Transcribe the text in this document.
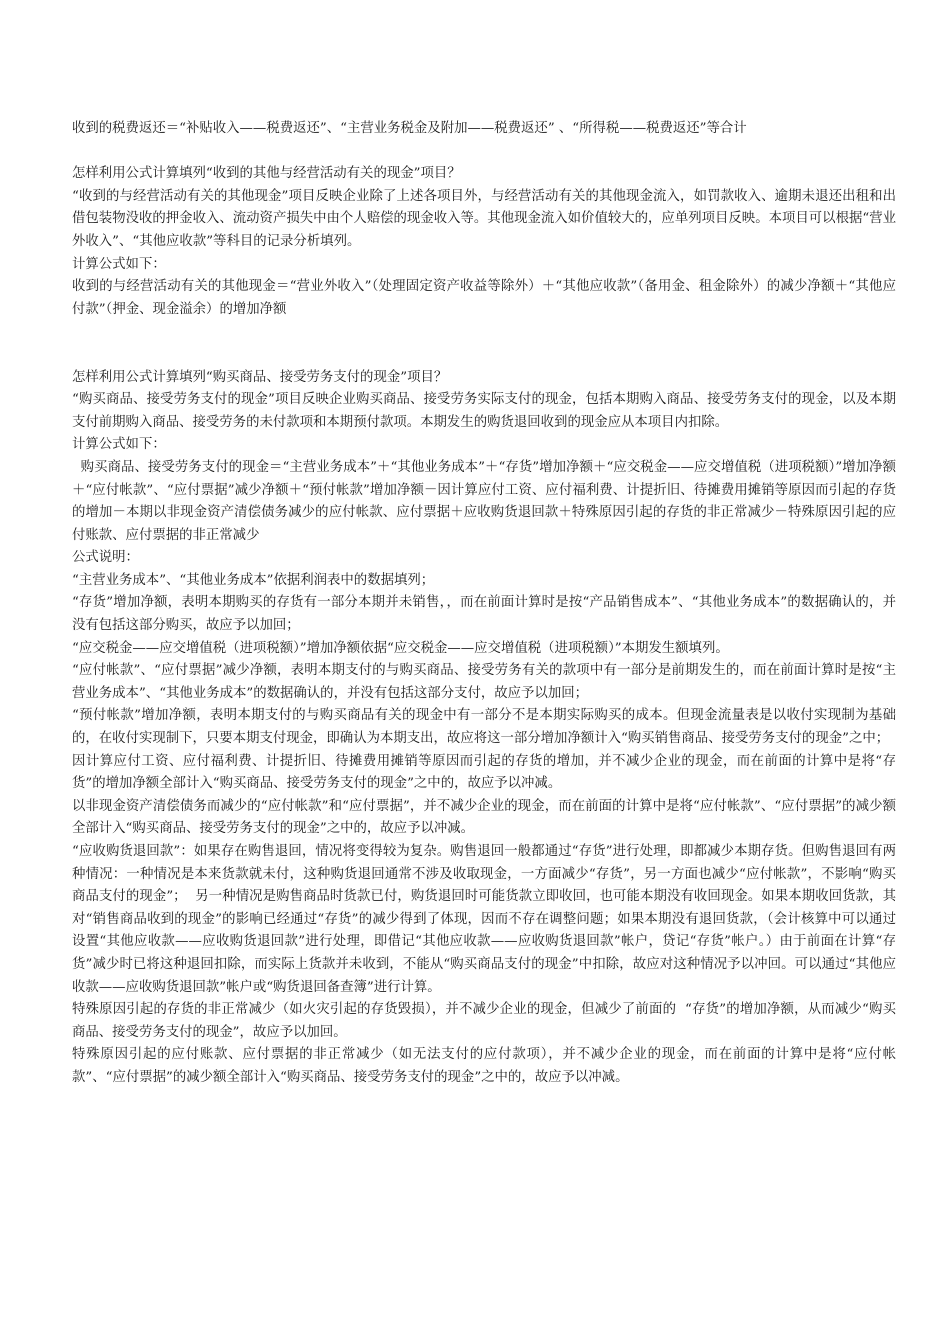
收到的税费返还＝“补贴收入——税费返还”、“主营业务税金及附加——税费返还” 、“所得税——税费返还”等合计

怎样利用公式计算填列“收到的其他与经营活动有关的现金”项目？

“收到的与经营活动有关的其他现金”项目反映企业除了上述各项目外，与经营活动有关的其他现金流入，如罚款收入、逾期未退还出租和出借包装物没收的押金收入、流动资产损失中由个人赔偿的现金收入等。其他现金流入如价值较大的，应单列项目反映。本项目可以根据“营业外收入”、“其他应收款”等科目的记录分析填列。

计算公式如下：

收到的与经营活动有关的其他现金＝“营业外收入”（处理固定资产收益等除外）＋“其他应收款”（备用金、租金除外）的减少净额＋“其他应付款”（押金、现金溢余）的增加净额

怎样利用公式计算填列“购买商品、接受劳务支付的现金”项目？

“购买商品、接受劳务支付的现金”项目反映企业购买商品、接受劳务实际支付的现金，包括本期购入商品、接受劳务支付的现金，以及本期支付前期购入商品、接受劳务的未付款项和本期预付款项。本期发生的购货退回收到的现金应从本项目内扣除。

计算公式如下：

购买商品、接受劳务支付的现金＝“主营业务成本”＋“其他业务成本”＋“存货”增加净额＋“应交税金——应交增值税（进项税额）”增加净额＋“应付帐款”、“应付票据”减少净额＋“预付帐款”增加净额－因计算应付工资、应付福利费、计提折旧、待摊费用摊销等原因而引起的存货的增加－本期以非现金资产清偿债务减少的应付帐款、应付票据＋应收购货退回款＋特殊原因引起的存货的非正常减少－特殊原因引起的应付账款、应付票据的非正常减少

公式说明：

“主营业务成本”、“其他业务成本”依据利润表中的数据填列；

“存货”增加净额，表明本期购买的存货有一部分本期并未销售，，而在前面计算时是按“产品销售成本”、“其他业务成本”的数据确认的，并没有包括这部分购买，故应予以加回；

“应交税金——应交增值税（进项税额）”增加净额依据“应交税金——应交增值税（进项税额）”本期发生额填列。

“应付帐款”、“应付票据”减少净额，表明本期支付的与购买商品、接受劳务有关的款项中有一部分是前期发生的，而在前面计算时是按“主营业务成本”、“其他业务成本”的数据确认的，并没有包括这部分支付，故应予以加回；

“预付帐款”增加净额，表明本期支付的与购买商品有关的现金中有一部分不是本期实际购买的成本。但现金流量表是以收付实现制为基础的，在收付实现制下，只要本期支付现金，即确认为本期支出，故应将这一部分增加净额计入“购买销售商品、接受劳务支付的现金”之中；

因计算应付工资、应付福利费、计提折旧、待摊费用摊销等原因而引起的存货的增加，并不减少企业的现金，而在前面的计算中是将“存货”的增加净额全部计入“购买商品、接受劳务支付的现金”之中的，故应予以冲减。

以非现金资产清偿债务而减少的“应付帐款”和“应付票据”，并不减少企业的现金，而在前面的计算中是将“应付帐款”、“应付票据”的减少额全部计入“购买商品、接受劳务支付的现金”之中的，故应予以冲减。

“应收购货退回款”：如果存在购售退回，情况将变得较为复杂。购售退回一般都通过“存货”进行处理，即都减少本期存货。但购售退回有两种情况：一种情况是本来货款就未付，这种购货退回通常不涉及收取现金，一方面减少“存货”，另一方面也减少“应付帐款”，不影响“购买商品支付的现金”；  另一种情况是购售商品时货款已付，购货退回时可能货款立即收回，也可能本期没有收回现金。如果本期收回货款，其对“销售商品收到的现金”的影响已经通过“存货”的减少得到了体现，因而不存在调整问题；如果本期没有退回货款，（会计核算中可以通过设置“其他应收款——应收购货退回款”进行处理，即借记“其他应收款——应收购货退回款”帐户，贷记“存货”帐户。）由于前面在计算“存货”减少时已将这种退回扣除，而实际上货款并未收到，不能从“购买商品支付的现金”中扣除，故应对这种情况予以冲回。可以通过“其他应收款——应收购货退回款”帐户或“购货退回备查簿”进行计算。

特殊原因引起的存货的非正常减少（如火灾引起的存货毁损），并不减少企业的现金，但减少了前面的  “存货”的增加净额，从而减少“购买商品、接受劳务支付的现金”，故应予以加回。

特殊原因引起的应付账款、应付票据的非正常减少（如无法支付的应付款项），并不减少企业的现金，而在前面的计算中是将“应付帐款”、“应付票据”的减少额全部计入“购买商品、接受劳务支付的现金”之中的，故应予以冲减。
